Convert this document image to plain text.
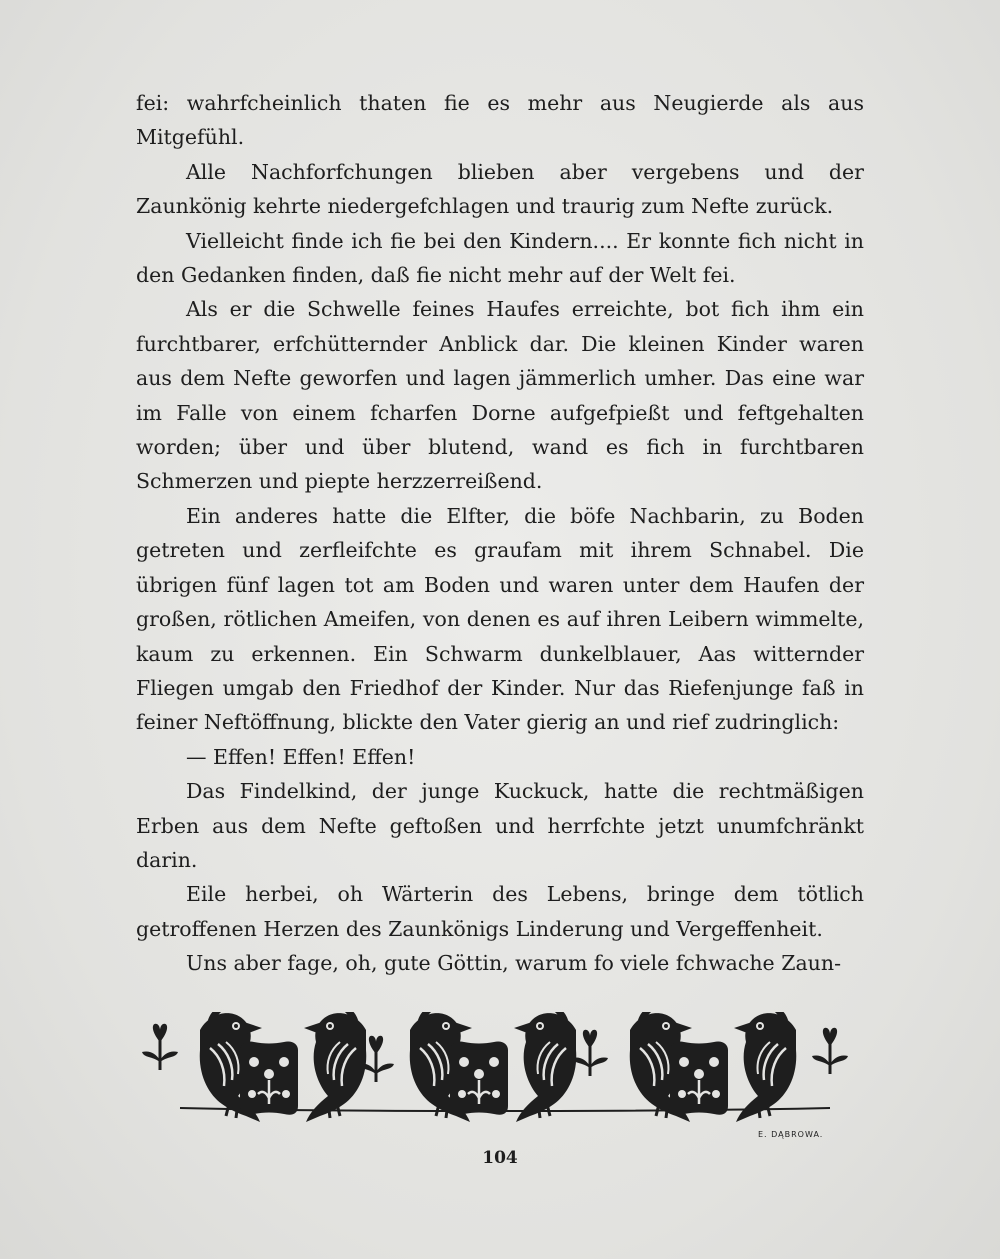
fei: wahrfcheinlich thaten fie es mehr aus Neugierde als aus Mitgefühl.

Alle Nachforfchungen blieben aber vergebens und der Zaunkönig kehrte niedergefchlagen und traurig zum Nefte zurück.

Vielleicht finde ich fie bei den Kindern.... Er konnte fich nicht in den Gedanken finden, daß fie nicht mehr auf der Welt fei.

Als er die Schwelle feines Haufes erreichte, bot fich ihm ein furchtbarer, erfchütternder Anblick dar. Die kleinen Kinder waren aus dem Nefte geworfen und lagen jämmerlich umher. Das eine war im Falle von einem fcharfen Dorne aufgefpießt und feftgehalten worden; über und über blutend, wand es fich in furchtbaren Schmerzen und piepte herzzerreißend.

Ein anderes hatte die Elfter, die böfe Nachbarin, zu Boden getreten und zerfleifchte es graufam mit ihrem Schnabel. Die übrigen fünf lagen tot am Boden und waren unter dem Haufen der großen, rötlichen Ameifen, von denen es auf ihren Leibern wimmelte, kaum zu erkennen. Ein Schwarm dunkelblauer, Aas witternder Fliegen umgab den Friedhof der Kinder. Nur das Riefenjunge faß in feiner Neftöffnung, blickte den Vater gierig an und rief zudringlich:

— Effen! Effen! Effen!

Das Findelkind, der junge Kuckuck, hatte die rechtmäßigen Erben aus dem Nefte geftoßen und herrfchte jetzt unumfchränkt darin.

Eile herbei, oh Wärterin des Lebens, bringe dem tötlich getroffenen Herzen des Zaunkönigs Linderung und Vergeffenheit.

Uns aber fage, oh, gute Göttin, warum fo viele fchwache Zaun-

E. DĄBROWA.
104
